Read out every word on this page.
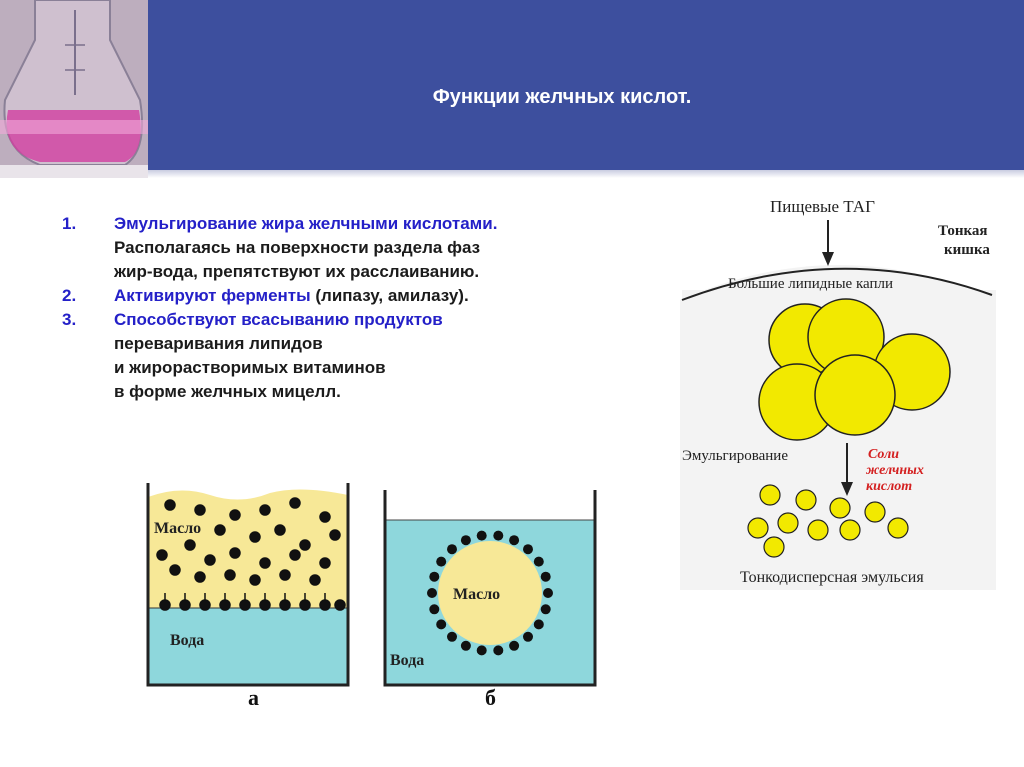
Функции желчных кислот.
1. Эмульгирование жира желчными кислотами.
Располагаясь на поверхности раздела фаз
жир-вода, препятствуют их расслаиванию.
2. Активируют ферменты (липазу, амилазу).
3. Способствуют всасыванию продуктов
переваривания липидов
и жирорастворимых витаминов
в форме желчных мицелл.
Масло
Вода
а
Масло
Вода
б
Пищевые ТАГ
Тонкая
кишка
Большие липидные капли
Эмульгирование	Соли
желчных
кислот
Тонкодисперсная эмульсия
